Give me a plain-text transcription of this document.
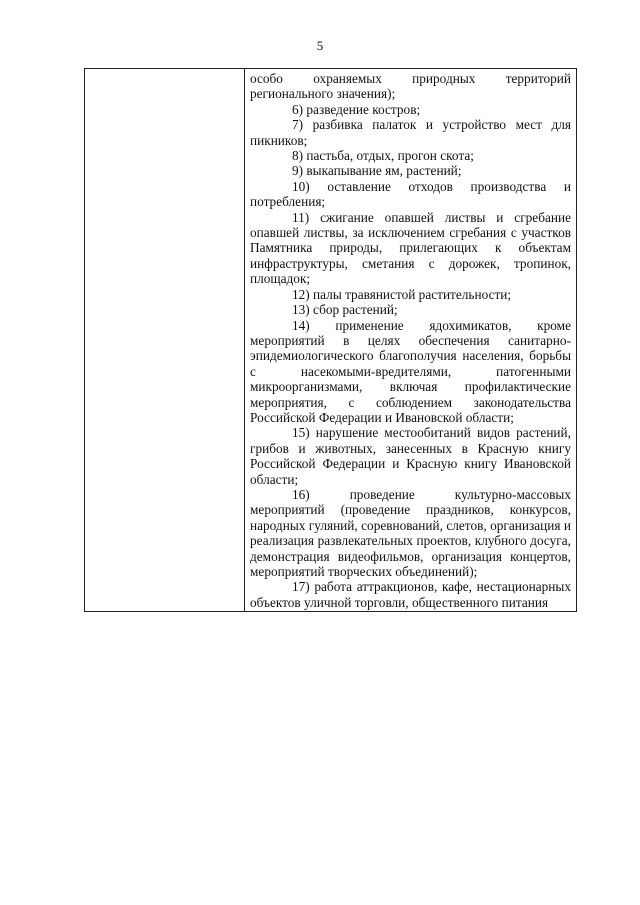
5

особо охраняемых природных территорий регионального значения);

6) разведение костров;

7) разбивка палаток и устройство мест для пикников;

8) пастьба, отдых, прогон скота;

9) выкапывание ям, растений;

10) оставление отходов производства и потребления;

11) сжигание опавшей листвы и сгребание опавшей листвы, за исключением сгребания с участков Памятника природы, прилегающих к объектам инфраструктуры, сметания с дорожек, тропинок, площадок;

12) палы травянистой растительности;

13) сбор растений;

14) применение ядохимикатов, кроме мероприятий в целях обеспечения санитарно-эпидемиологического благополучия населения, борьбы с насекомыми-вредителями, патогенными микроорганизмами, включая профилактические мероприятия, с соблюдением законодательства Российской Федерации и Ивановской области;

15) нарушение местообитаний видов растений, грибов и животных, занесенных в Красную книгу Российской Федерации и Красную книгу Ивановской области;

16) проведение культурно-массовых мероприятий (проведение праздников, конкурсов, народных гуляний, соревнований, слетов, организация и реализация развлекательных проектов, клубного досуга, демонстрация видеофильмов, организация концертов, мероприятий творческих объединений);

17) работа аттракционов, кафе, нестационарных объектов уличной торговли, общественного питания
